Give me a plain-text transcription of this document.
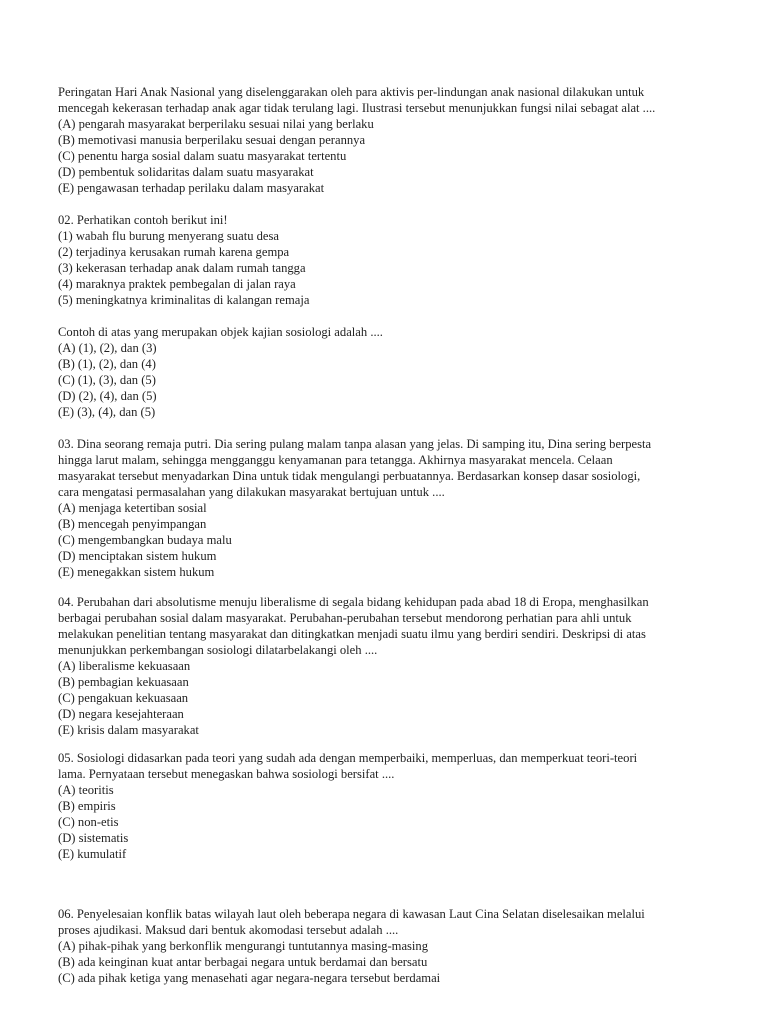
Peringatan Hari Anak Nasional yang diselenggarakan oleh para aktivis per-lindungan anak nasional dilakukan untuk

mencegah kekerasan terhadap anak agar tidak terulang lagi. Ilustrasi tersebut menunjukkan fungsi nilai sebagat alat ....

(A) pengarah masyarakat berperilaku sesuai nilai yang berlaku

(B) memotivasi manusia berperilaku sesuai dengan perannya

(C) penentu harga sosial dalam suatu masyarakat tertentu

(D) pembentuk solidaritas dalam suatu masyarakat

(E) pengawasan terhadap perilaku dalam masyarakat

02. Perhatikan contoh berikut ini!

(1) wabah flu burung menyerang suatu desa

(2) terjadinya kerusakan rumah karena gempa

(3) kekerasan terhadap anak dalam rumah tangga

(4) maraknya praktek pembegalan di jalan raya

(5) meningkatnya kriminalitas di kalangan remaja

Contoh di atas yang merupakan objek kajian sosiologi adalah ....

(A) (1), (2), dan (3)

(B) (1), (2), dan (4)

(C) (1), (3), dan (5)

(D) (2), (4), dan (5)

(E) (3), (4), dan (5)

03. Dina seorang remaja putri. Dia sering pulang malam tanpa alasan yang jelas. Di samping itu, Dina sering berpesta

hingga larut malam, sehingga mengganggu kenyamanan para tetangga. Akhirnya masyarakat mencela. Celaan

masyarakat tersebut menyadarkan Dina untuk tidak mengulangi perbuatannya. Berdasarkan konsep dasar sosiologi,

cara mengatasi permasalahan yang dilakukan masyarakat bertujuan untuk ....

(A) menjaga ketertiban sosial

(B) mencegah penyimpangan

(C) mengembangkan budaya malu

(D) menciptakan sistem hukum

(E) menegakkan sistem hukum

04. Perubahan dari absolutisme menuju liberalisme di segala bidang kehidupan pada abad 18 di Eropa, menghasilkan

berbagai perubahan sosial dalam masyarakat. Perubahan-perubahan tersebut mendorong perhatian para ahli untuk

melakukan penelitian tentang masyarakat dan ditingkatkan menjadi suatu ilmu yang berdiri sendiri. Deskripsi di atas

menunjukkan perkembangan sosiologi dilatarbelakangi oleh ....

(A) liberalisme kekuasaan

(B) pembagian kekuasaan

(C) pengakuan kekuasaan

(D) negara kesejahteraan

(E) krisis dalam masyarakat

05. Sosiologi didasarkan pada teori yang sudah ada dengan memperbaiki, memperluas, dan memperkuat teori-teori

lama. Pernyataan tersebut menegaskan bahwa sosiologi bersifat ....

(A) teoritis

(B) empiris

(C) non-etis

(D) sistematis

(E) kumulatif

06. Penyelesaian konflik batas wilayah laut oleh beberapa negara di kawasan Laut Cina Selatan diselesaikan melalui

proses ajudikasi. Maksud dari bentuk akomodasi tersebut adalah ....

(A) pihak-pihak yang berkonflik mengurangi tuntutannya masing-masing

(B) ada keinginan kuat antar berbagai negara untuk berdamai dan bersatu

(C) ada pihak ketiga yang menasehati agar negara-negara tersebut berdamai
